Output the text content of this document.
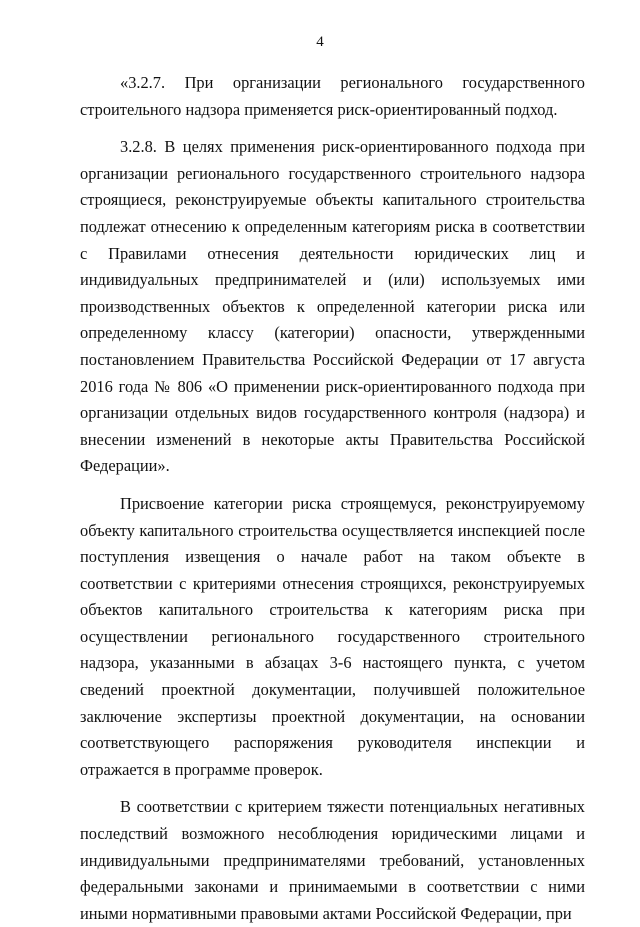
4

«3.2.7. При организации регионального государственного строительного надзора применяется риск-ориентированный подход.

3.2.8. В целях применения риск-ориентированного подхода при организации регионального государственного строительного надзора строящиеся, реконструируемые объекты капитального строительства подлежат отнесению к определенным категориям риска в соответствии с Правилами отнесения деятельности юридических лиц и индивидуальных предпринимателей и (или) используемых ими производственных объектов к определенной категории риска или определенному классу (категории) опасности, утвержденными постановлением Правительства Российской Федерации от 17 августа 2016 года № 806 «О применении риск-ориентированного подхода при организации отдельных видов государственного контроля (надзора) и внесении изменений в некоторые акты Правительства Российской Федерации».

Присвоение категории риска строящемуся, реконструируемому объекту капитального строительства осуществляется инспекцией после поступления извещения о начале работ на таком объекте в соответствии с критериями отнесения строящихся, реконструируемых объектов капитального строительства к категориям риска при осуществлении регионального государственного строительного надзора, указанными в абзацах 3-6 настоящего пункта, с учетом сведений проектной документации, получившей положительное заключение экспертизы проектной документации, на основании соответствующего распоряжения руководителя инспекции и отражается в программе проверок.

В соответствии с критерием тяжести потенциальных негативных последствий возможного несоблюдения юридическими лицами и индивидуальными предпринимателями требований, установленных федеральными законами и принимаемыми в соответствии с ними иными нормативными правовыми актами Российской Федерации, при
